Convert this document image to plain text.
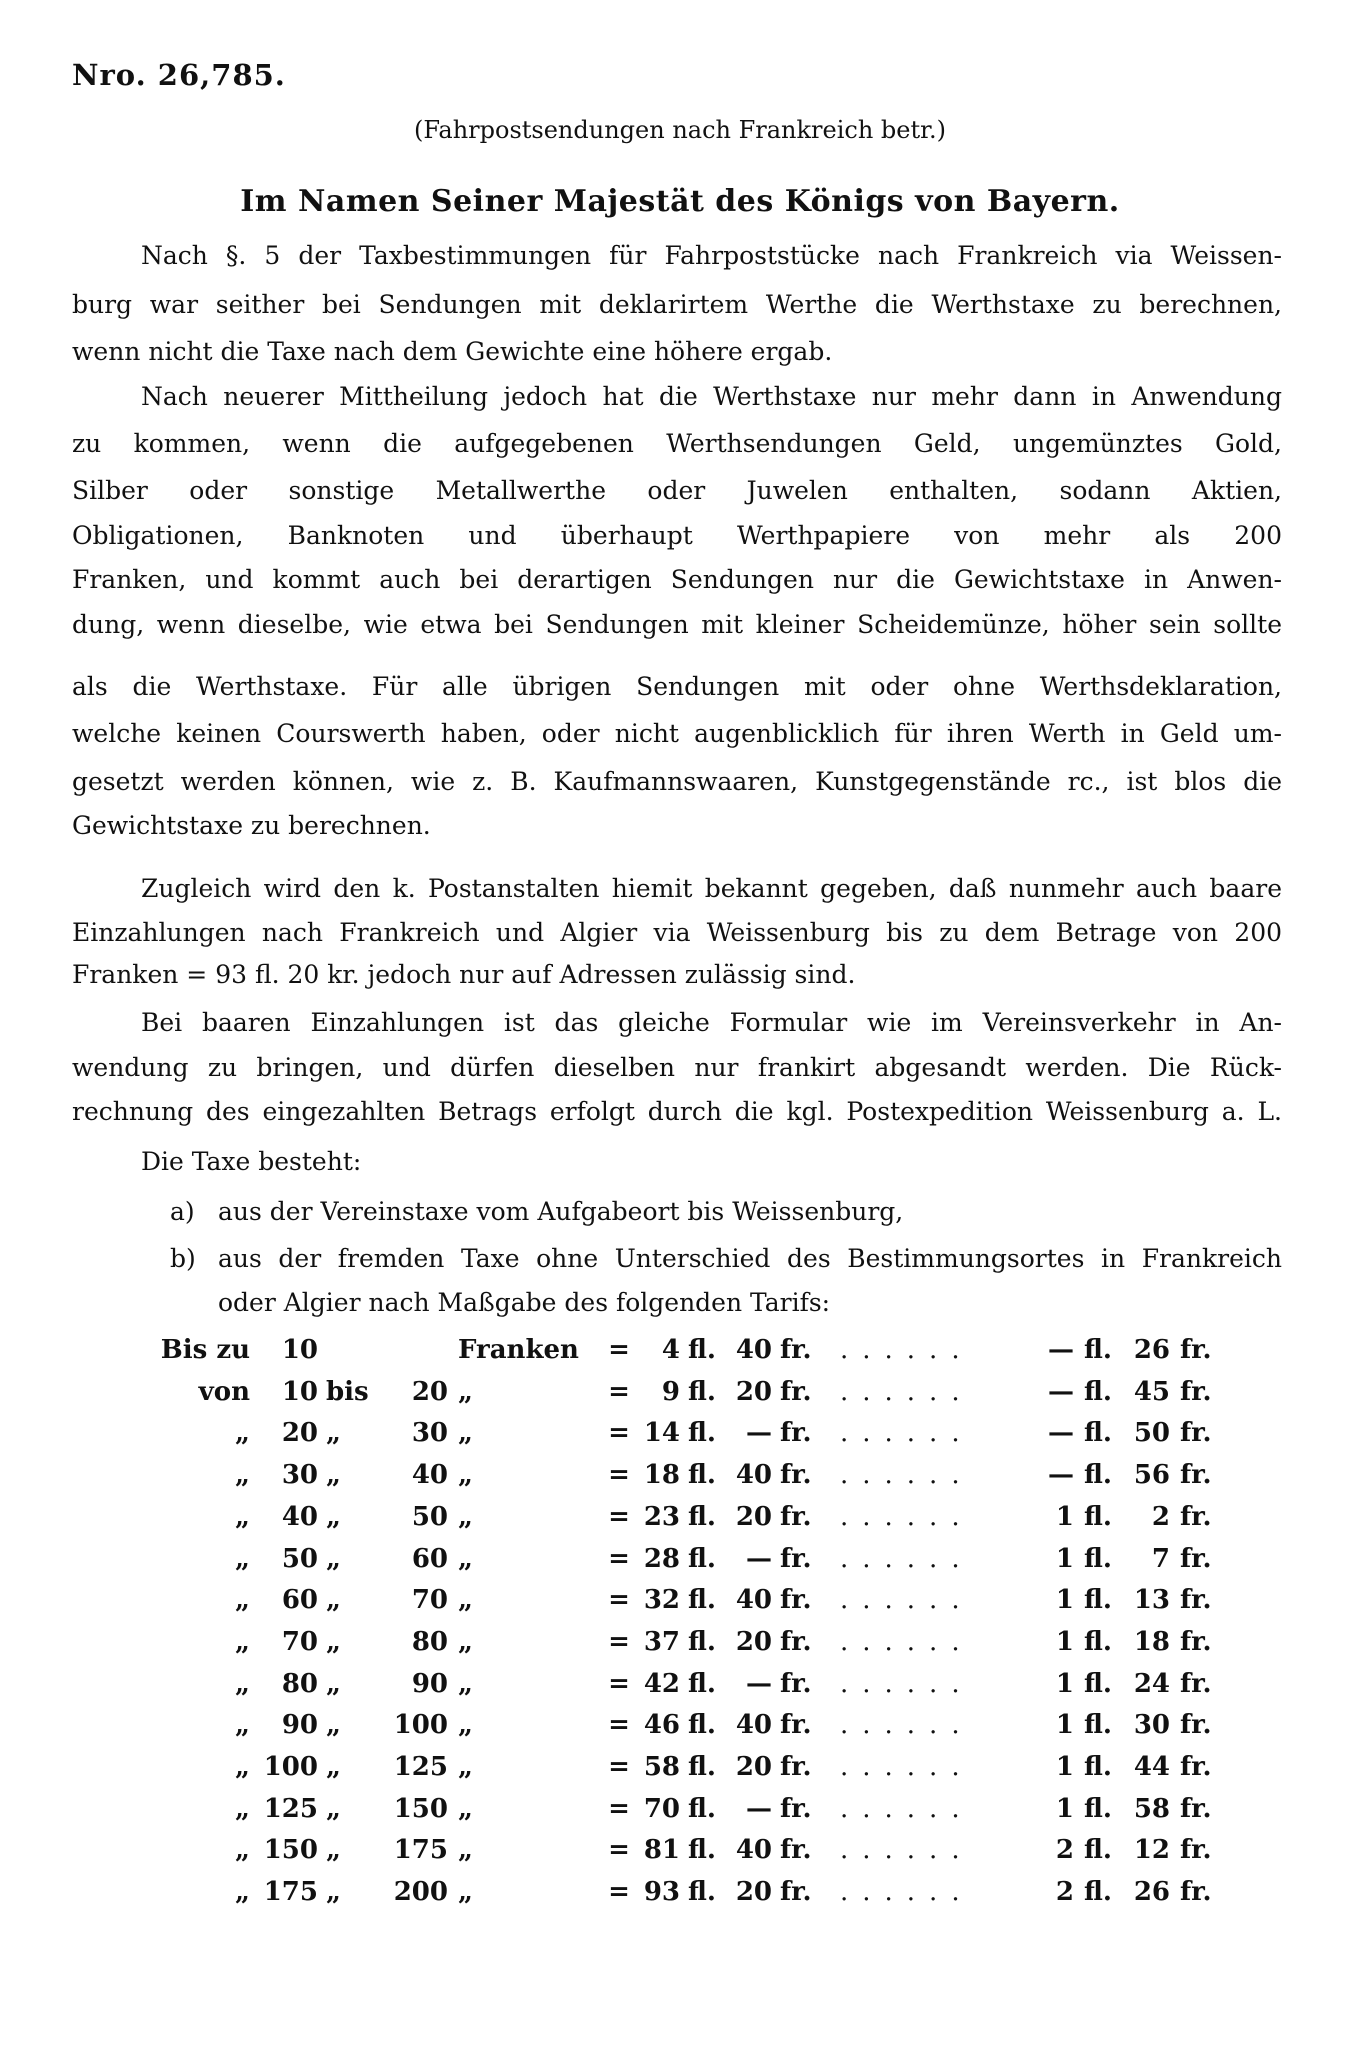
Nro. 26,785.
(Fahrpostsendungen nach Frankreich betr.)
Im Namen Seiner Majestät des Königs von Bayern.
Nach §. 5 der Taxbestimmungen für Fahrpoststücke nach Frankreich via Weissen-
burg war seither bei Sendungen mit deklarirtem Werthe die Werthstaxe zu berechnen,
wenn nicht die Taxe nach dem Gewichte eine höhere ergab.
Nach neuerer Mittheilung jedoch hat die Werthstaxe nur mehr dann in Anwendung
zu kommen, wenn die aufgegebenen Werthsendungen Geld, ungemünztes Gold,
Silber oder sonstige Metallwerthe oder Juwelen enthalten, sodann Aktien,
Obligationen, Banknoten und überhaupt Werthpapiere von mehr als 200
Franken, und kommt auch bei derartigen Sendungen nur die Gewichtstaxe in Anwen-
dung, wenn dieselbe, wie etwa bei Sendungen mit kleiner Scheidemünze, höher sein sollte
als die Werthstaxe. Für alle übrigen Sendungen mit oder ohne Werthsdeklaration,
welche keinen Courswerth haben, oder nicht augenblicklich für ihren Werth in Geld um-
gesetzt werden können, wie z. B. Kaufmannswaaren, Kunstgegenstände rc., ist blos die
Gewichtstaxe zu berechnen.
Zugleich wird den k. Postanstalten hiemit bekannt gegeben, daß nunmehr auch baare
Einzahlungen nach Frankreich und Algier via Weissenburg bis zu dem Betrage von 200
Franken = 93 fl. 20 kr. jedoch nur auf Adressen zulässig sind.
Bei baaren Einzahlungen ist das gleiche Formular wie im Vereinsverkehr in An-
wendung zu bringen, und dürfen dieselben nur frankirt abgesandt werden. Die Rück-
rechnung des eingezahlten Betrags erfolgt durch die kgl. Postexpedition Weissenburg a. L.
Die Taxe besteht:
a) aus der Vereinstaxe vom Aufgabeort bis Weissenburg,
b) aus der fremden Taxe ohne Unterschied des Bestimmungsortes in Frankreich
oder Algier nach Maßgabe des folgenden Tarifs:
Bis zu	10	Franken	=	4 fl. 40 fr. ......	— fl. 26 fr.
von	10 bis	20 „	=	9 fl. 20 fr. ......	— fl. 45 fr.
„	20 „	30 „	= 14 fl.	— fr. ......	— fl. 50 fr.
„	30 „	40 „	= 18 fl. 40 fr. ......	— fl. 56 fr.
„	40 „	50 „	= 23 fl. 20 fr. ......	1 fl.	2 fr.
„	50 „	60 „	= 28 fl.	— fr. ......	1 fl.	7 fr.
„	60 „	70 „	= 32 fl. 40 fr. ......	1 fl. 13 fr.
„	70 „	80 „	= 37 fl. 20 fr. ......	1 fl. 18 fr.
„	80 „	90 „	= 42 fl.	— fr. ......	1 fl. 24 fr.
„	90 „	100 „	= 46 fl. 40 fr. ......	1 fl. 30 fr.
„ 100 „	125 „	= 58 fl. 20 fr. ......	1 fl. 44 fr.
„ 125 „	150 „	= 70 fl.	— fr. ......	1 fl. 58 fr.
„ 150 „	175 „	= 81 fl. 40 fr. ......	2 fl. 12 fr.
„ 175 „	200 „	= 93 fl. 20 fr. ......	2 fl. 26 fr.
